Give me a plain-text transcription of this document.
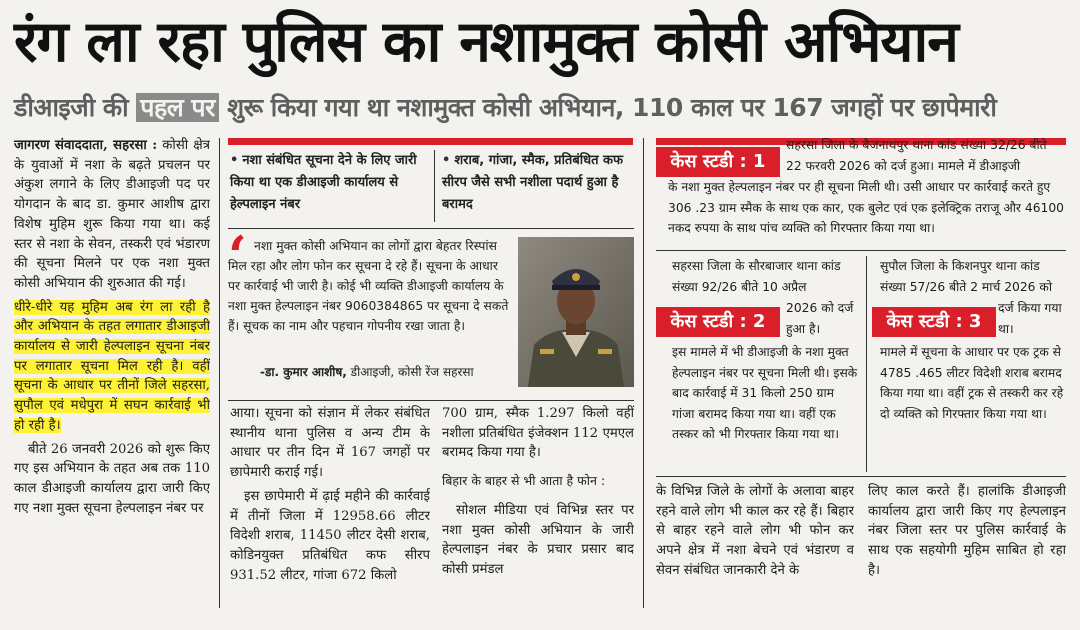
रंग ला रहा पुलिस का नशामुक्त कोसी अभियान
डीआइजी की पहल पर शुरू किया गया था नशामुक्त कोसी अभियान, 110 काल पर 167 जगहों पर छापेमारी

जागरण संवाददाता, सहरसा : कोसी क्षेत्र के युवाओं में नशा के बढ़ते प्रचलन पर अंकुश लगाने के लिए डीआइजी पद पर योगदान के बाद डा. कुमार आशीष द्वारा विशेष मुहिम शुरू किया गया था। कई स्तर से नशा के सेवन, तस्करी एवं भंडारण की सूचना मिलने पर एक नशा मुक्त कोसी अभियान की शुरुआत की गई।

धीरे-धीरे यह मुहिम अब रंग ला रही है और अभियान के तहत लगातार डीआइजी कार्यालय से जारी हेल्पलाइन सूचना नंबर पर लगातार सूचना मिल रही है। वहीं सूचना के आधार पर तीनों जिले सहरसा, सुपौल एवं मधेपुरा में सघन कार्रवाई भी हो रही है।

बीते 26 जनवरी 2026 को शुरू किए गए इस अभियान के तहत अब तक 110 काल डीआइजी कार्यालय द्वारा जारी किए गए नशा मुक्त सूचना हेल्पलाइन नंबर पर

• नशा संबंधित सूचना देने के लिए जारी किया था एक डीआइजी कार्यालय से हेल्पलाइन नंबर
• शराब, गांजा, स्मैक, प्रतिबंधित कफ सीरप जैसे सभी नशीला पदार्थ हुआ है बरामद
‘ नशा मुक्त कोसी अभियान का लोगों द्वारा बेहतर रिस्पांस मिल रहा और लोग फोन कर सूचना दे रहे हैं। सूचना के आधार पर कार्रवाई भी जारी है। कोई भी व्यक्ति डीआइजी कार्यालय के नशा मुक्त हेल्पलाइन नंबर 9060384865 पर सूचना दे सकते हैं। सूचक का नाम और पहचान गोपनीय रखा जाता है।
-डा. कुमार आशीष, डीआइजी, कोसी रेंज सहरसा

आया। सूचना को संज्ञान में लेकर संबंधित स्थानीय थाना पुलिस व अन्य टीम के आधार पर तीन दिन में 167 जगहों पर छापेमारी कराई गई।

इस छापेमारी में ढ़ाई महीने की कार्रवाई में तीनों जिला में 12958.66 लीटर विदेशी शराब, 11450 लीटर देसी शराब, कोडिनयुक्त प्रतिबंधित कफ सीरप 931.52 लीटर, गांजा 672 किलो

700 ग्राम, स्मैक 1.297 किलो वहीं नशीला प्रतिबंधित इंजेक्शन 112 एमएल बरामद किया गया है।

बिहार के बाहर से भी आता है फोन :

सोशल मीडिया एवं विभिन्न स्तर पर नशा मुक्त कोसी अभियान के जारी हेल्पलाइन नंबर के प्रचार प्रसार बाद कोसी प्रमंडल

केस स्टडी : 1
सहरसा जिला के बैजनाथपुर थाना कांड संख्या 32/26 बीते 22 फरवरी 2026 को दर्ज हुआ। मामले में डीआइजी
के नशा मुक्त हेल्पलाइन नंबर पर ही सूचना मिली थी। उसी आधार पर कार्रवाई करते हुए 306 .23 ग्राम स्मैक के साथ एक कार, एक बुलेट एवं एक इलेक्ट्रिक तराजू और 46100 नकद रुपया के साथ पांच व्यक्ति को गिरफ्तार किया गया था।
सहरसा जिला के सौरबाजार थाना कांड संख्या 92/26 बीते 10 अप्रैल
केस स्टडी : 2
2026 को दर्ज हुआ है।
इस मामले में भी डीआइजी के नशा मुक्त हेल्पलाइन नंबर पर सूचना मिली थी। इसके बाद कार्रवाई में 31 किलो 250 ग्राम गांजा बरामद किया गया था। वहीं एक तस्कर को भी गिरफ्तार किया गया था।
सुपौल जिला के किशनपुर थाना कांड संख्या 57/26 बीते 2 मार्च 2026 को
केस स्टडी : 3
दर्ज किया गया था।
मामले में सूचना के आधार पर एक ट्रक से 4785 .465 लीटर विदेशी शराब बरामद किया गया था। वहीं ट्रक से तस्करी कर रहे दो व्यक्ति को गिरफ्तार किया गया था।

के विभिन्न जिले के लोगों के अलावा बाहर रहने वाले लोग भी काल कर रहे हैं। बिहार से बाहर रहने वाले लोग भी फोन कर अपने क्षेत्र में नशा बेचने एवं भंडारण व सेवन संबंधित जानकारी देने के

लिए काल करते हैं। हालांकि डीआइजी कार्यालय द्वारा जारी किए गए हेल्पलाइन नंबर जिला स्तर पर पुलिस कार्रवाई के साथ एक सहयोगी मुहिम साबित हो रहा है।
